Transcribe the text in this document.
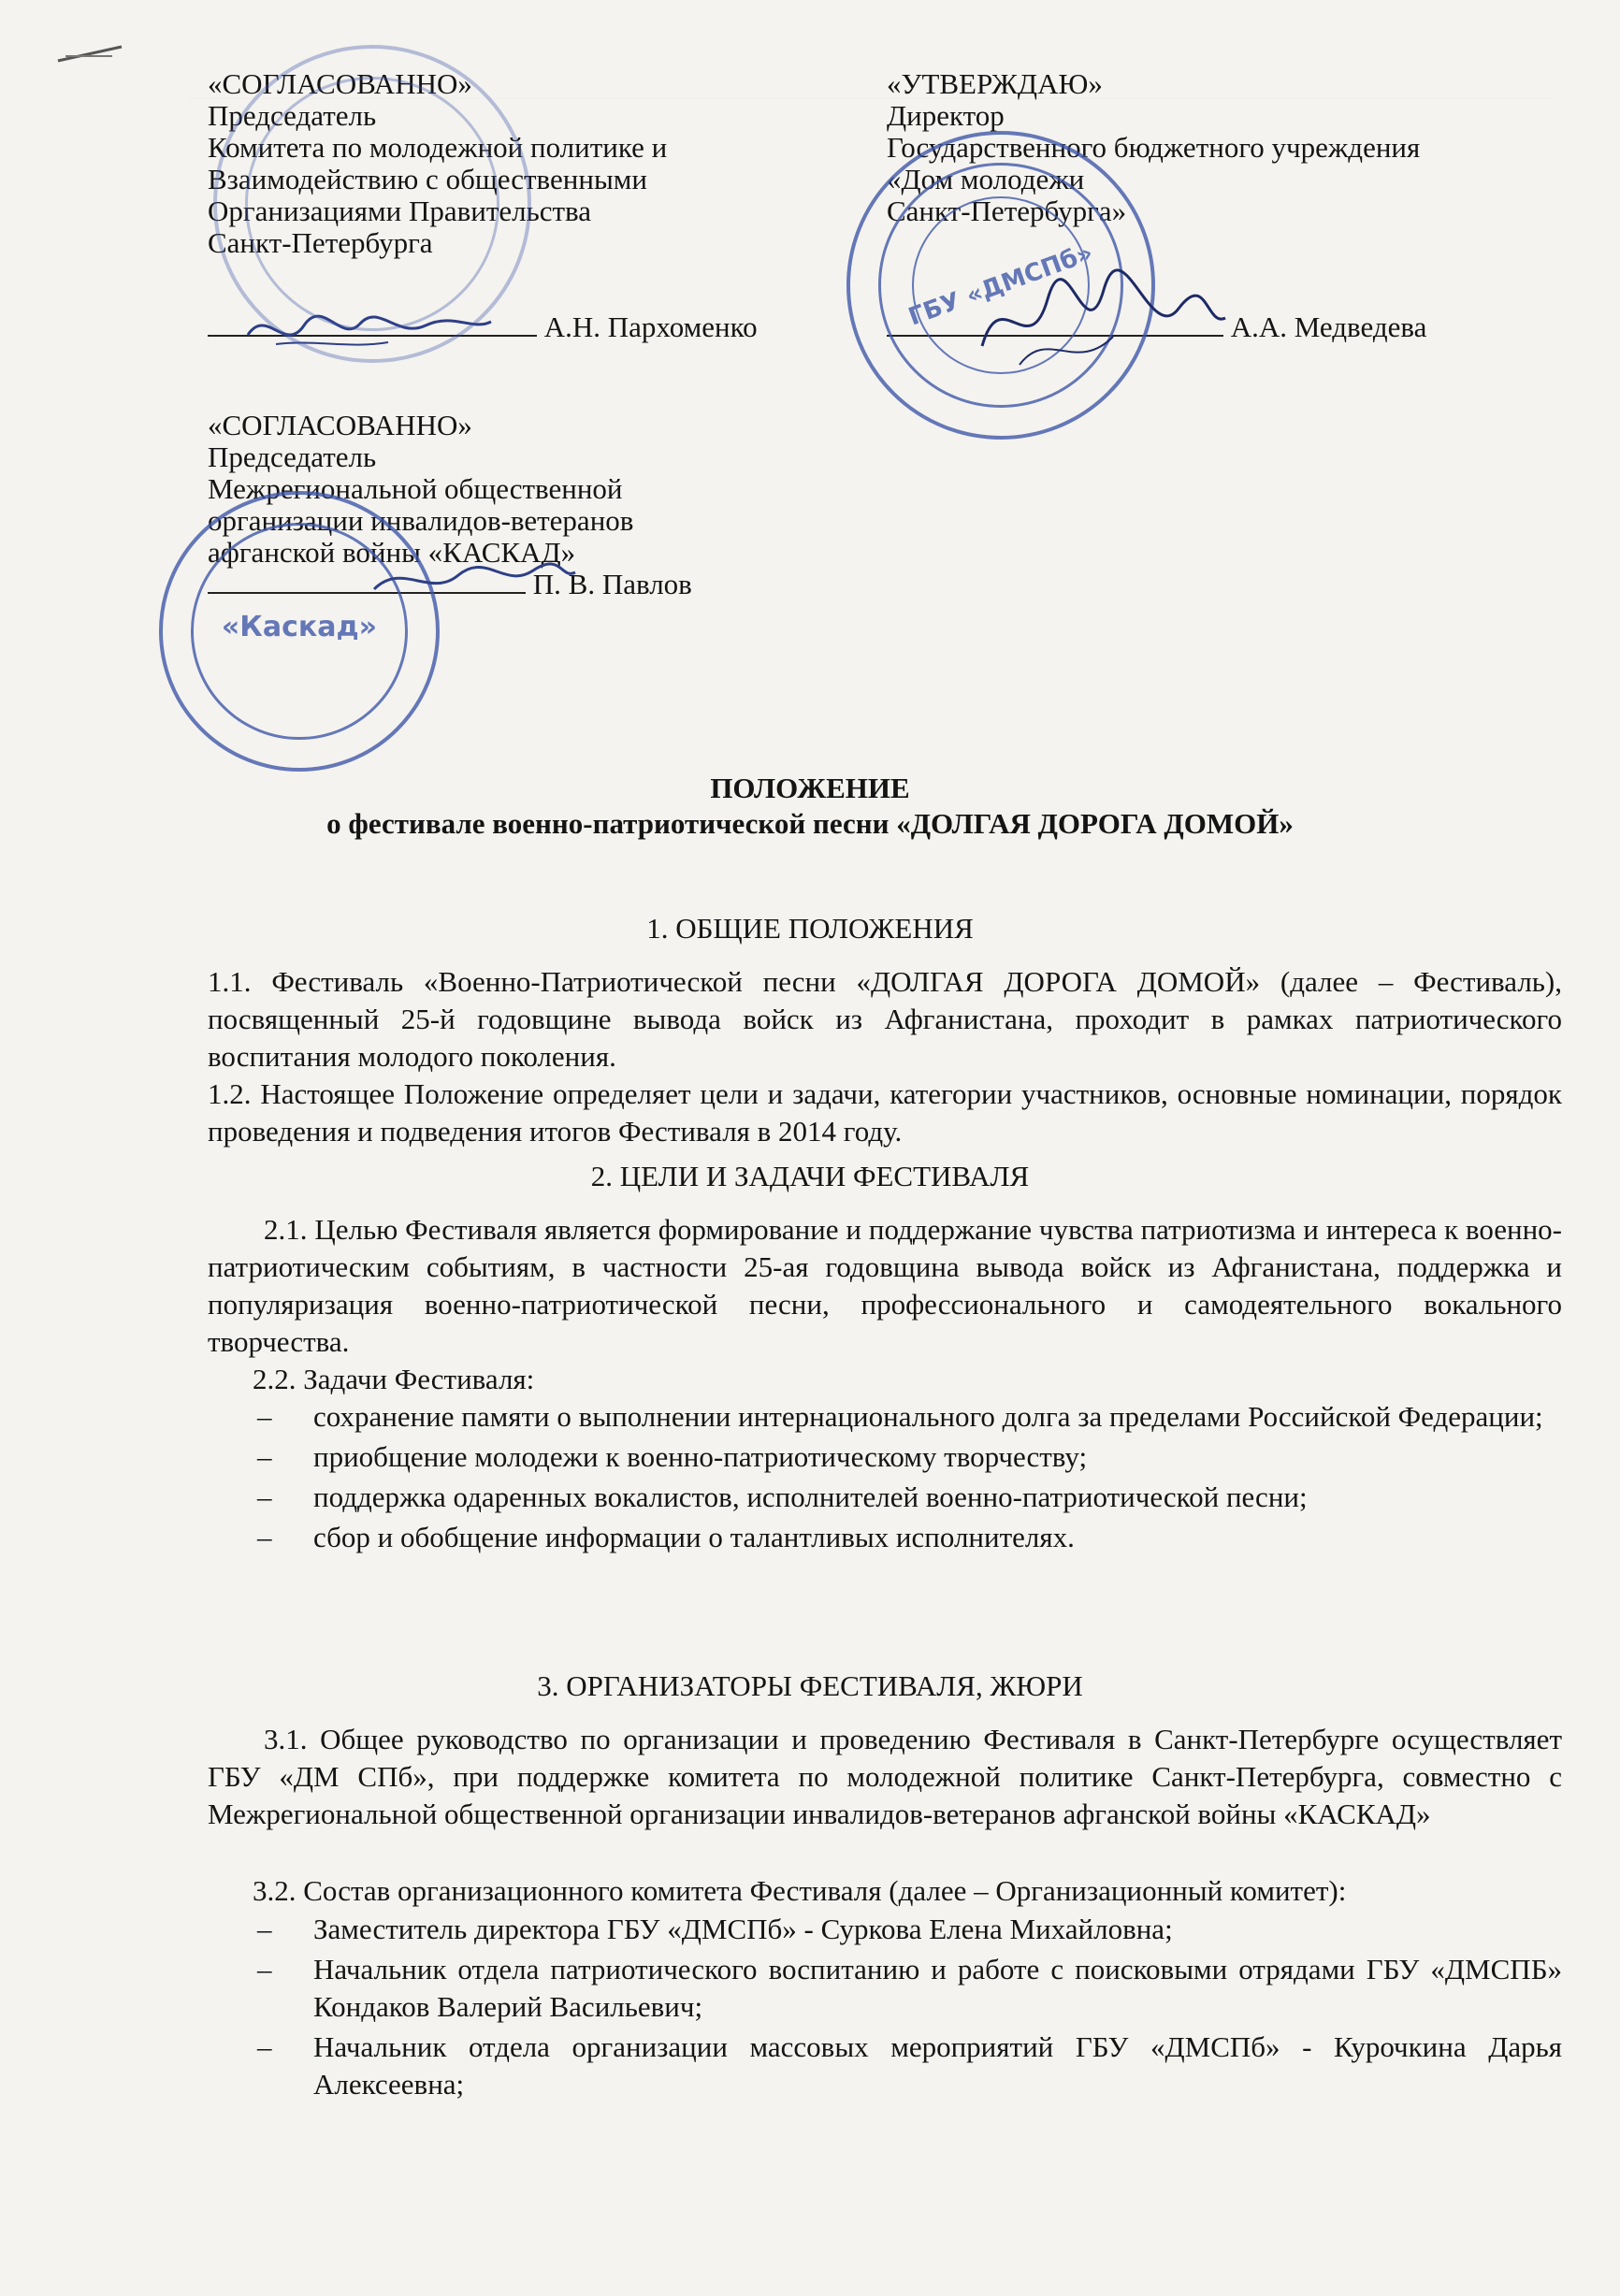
«СОГЛАСОВАННО»
Председатель
Комитета по молодежной политике и
Взаимодействию с общественными
Организациями Правительства
Санкт-Петербурга
А.Н. Пархоменко
«УТВЕРЖДАЮ»
Директор
Государственного бюджетного учреждения
«Дом молодежи
Санкт-Петербурга»
А.А. Медведева
ГБУ «ДМСПб»
«СОГЛАСОВАННО»
Председатель
Межрегиональной общественной
организации инвалидов-ветеранов
афганской войны «КАСКАД»
П. В. Павлов
«Каскад»
ПОЛОЖЕНИЕ
о фестивале военно-патриотической песни «ДОЛГАЯ ДОРОГА ДОМОЙ»
1. ОБЩИЕ ПОЛОЖЕНИЯ
1.1. Фестиваль «Военно-Патриотической песни «ДОЛГАЯ ДОРОГА ДОМОЙ» (далее – Фестиваль), посвященный 25-й годовщине вывода войск из Афганистана, проходит в рамках патриотического воспитания молодого поколения.
1.2. Настоящее Положение определяет цели и задачи, категории участников, основные номинации, порядок проведения и подведения итогов Фестиваля в 2014 году.
2. ЦЕЛИ И ЗАДАЧИ ФЕСТИВАЛЯ
2.1. Целью Фестиваля является формирование и поддержание чувства патриотизма и интереса к военно-патриотическим событиям, в частности 25-ая годовщина вывода войск из Афганистана, поддержка и популяризация военно-патриотической песни, профессионального и самодеятельного вокального творчества.
2.2. Задачи Фестиваля:
– сохранение памяти о выполнении интернационального долга за пределами Российской Федерации;
– приобщение молодежи к военно-патриотическому творчеству;
– поддержка одаренных вокалистов, исполнителей военно-патриотической песни;
– сбор и обобщение информации о талантливых исполнителях.
3. ОРГАНИЗАТОРЫ ФЕСТИВАЛЯ, ЖЮРИ
3.1. Общее руководство по организации и проведению Фестиваля в Санкт-Петербурге осуществляет ГБУ «ДМ СПб», при поддержке комитета по молодежной политике Санкт-Петербурга, совместно с Межрегиональной общественной организации инвалидов-ветеранов афганской войны «КАСКАД»
3.2. Состав организационного комитета Фестиваля (далее – Организационный комитет):
– Заместитель директора ГБУ «ДМСПб» - Суркова Елена Михайловна;
– Начальник отдела патриотического воспитанию и работе с поисковыми отрядами ГБУ «ДМСПБ» Кондаков Валерий Васильевич;
– Начальник отдела организации массовых мероприятий ГБУ «ДМСПб» - Курочкина Дарья Алексеевна;
